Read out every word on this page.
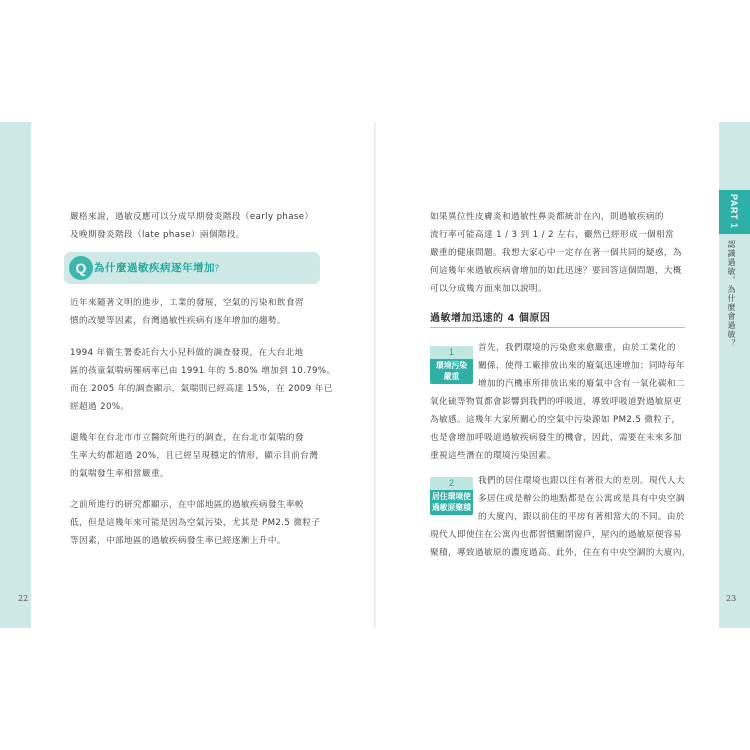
嚴格來說，過敏反應可以分成早期發炎階段（early phase）
及晚期發炎階段（late phase）兩個階段。
Q 為什麼過敏疾病逐年增加？
近年來隨著文明的進步，工業的發展，空氣的污染和飲食習
慣的改變等因素，台灣過敏性疾病有逐年增加的趨勢。
1994 年衛生署委託台大小兒科做的調查發現，在大台北地
區的孩童氣喘病罹病率已由 1991 年的 5.80% 增加到 10.79%。
而在 2005 年的調查顯示，氣喘則已經高達 15%，在 2009 年已
經超過 20%。
還幾年在台北市市立醫院所進行的調查，在台北市氣喘的發
生率大約都超過 20%，且已經呈現穩定的情形，顯示目前台灣
的氣喘發生率相當嚴重。
之前所進行的研究都顯示，在中部地區的過敏疾病發生率較
低，但是這幾年來可能是因為空氣污染，尤其是 PM2.5 微粒子
等因素，中部地區的過敏疾病發生率已經逐漸上升中。
22
PART 1
認識過敏，為什麼會過敏？
如果異位性皮膚炎和過敏性鼻炎都統計在內，則過敏疾病的
流行率可能高達 1 / 3 到 1 / 2 左右，儼然已經形成一個相當
嚴重的健康問題。我想大家心中一定存在著一個共同的疑惑，為
何這幾年來過敏疾病會增加的如此迅速？要回答這個問題，大概
可以分成幾方面來加以說明。
過敏增加迅速的 4 個原因
1
環境污染
嚴重
首先，我們環境的污染愈來愈嚴重，由於工業化的
關係，使得工廠排放出來的廢氣迅速增加；同時每年
增加的汽機車所排放出來的廢氣中含有一氧化碳和二
氧化硫等物質都會影響到我們的呼吸道，導致呼吸道對過敏原更
為敏感。這幾年大家所關心的空氣中污染源如 PM2.5 微粒子，
也是會增加呼吸道過敏疾病發生的機會，因此，需要在未來多加
重視這些潛在的環境污染因素。
2
居住環境使
過敏原聚積
我們的居住環境也跟以往有著很大的差別。現代人大
多居住或是辦公的地點都是在公寓或是具有中央空調
的大廈內，跟以前住的平房有著相當大的不同。由於
現代人即使住在公寓內也都習慣關閉窗戶，屋內的過敏原便容易
聚積，導致過敏原的濃度過高。此外，住在有中央空調的大廈內，
23
